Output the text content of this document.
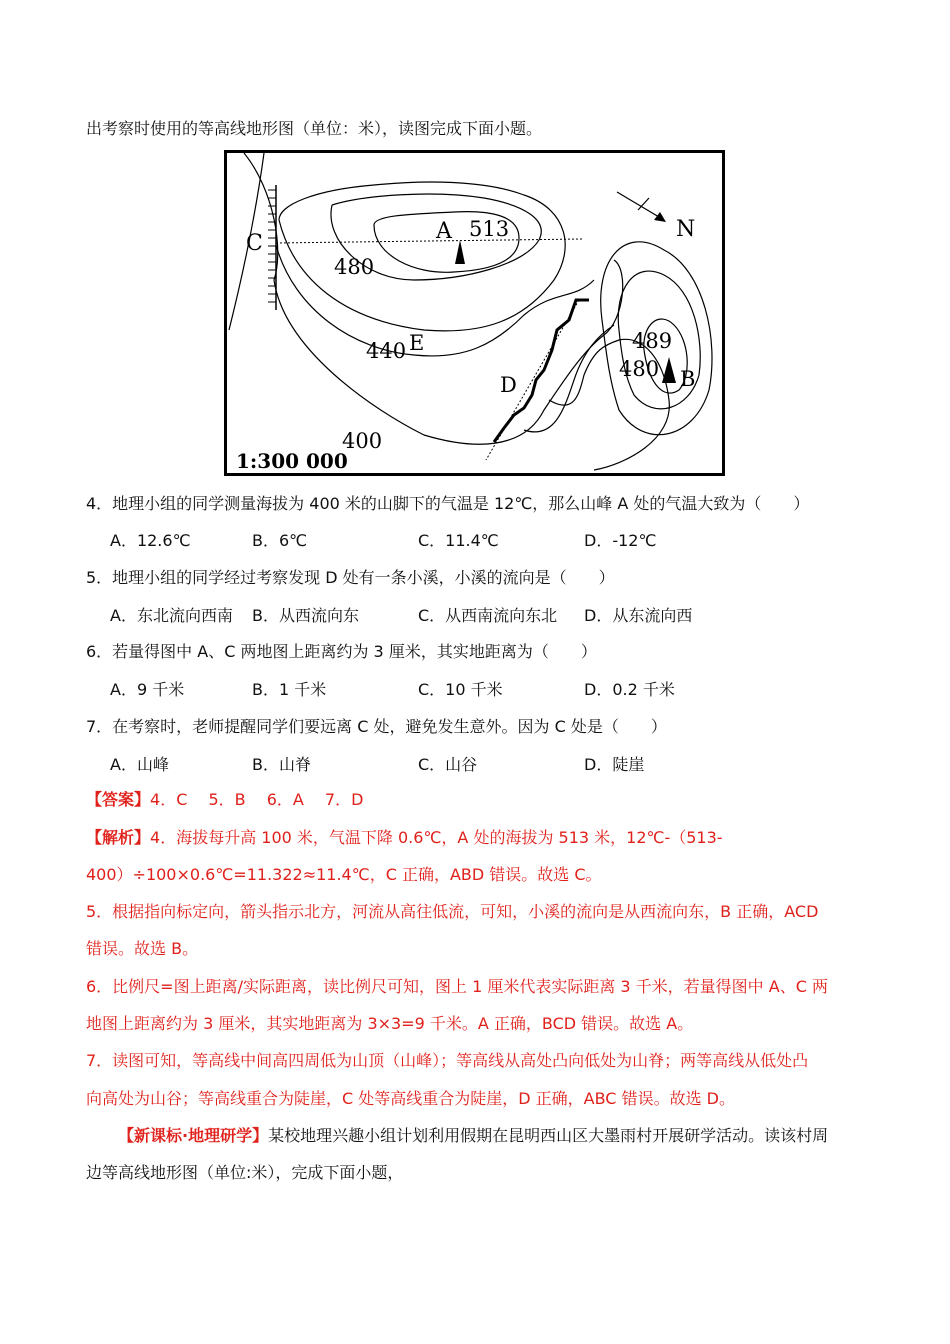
出考察时使用的等高线地形图（单位：米），读图完成下面小题。
C	A 513
480
440 E
400
D
489
480 B
N
1:300 000
4．地理小组的同学测量海拔为 400 米的山脚下的气温是 12℃，那么山峰 A 处的气温大致为（　　）
A．12.6℃	B．6℃	C．11.4℃	D．-12℃
5．地理小组的同学经过考察发现 D 处有一条小溪，小溪的流向是（　　）
A．东北流向西南 B．从西流向东	C．从西南流向东北 D．从东流向西
6．若量得图中 A、C 两地图上距离约为 3 厘米，其实地距离为（　　）
A．9 千米	B．1 千米	C．10 千米	D．0.2 千米
7．在考察时，老师提醒同学们要远离 C 处，避免发生意外。因为 C 处是（　　）
A．山峰	B．山脊	C．山谷	D．陡崖
【答案】4．C　 5．B　 6．A　 7．D
【解析】4．海拔每升高 100 米，气温下降 0.6℃，A 处的海拔为 513 米，12℃-（513-
400）÷100×0.6℃=11.322≈11.4℃，C 正确，ABD 错误。故选 C。
5．根据指向标定向，箭头指示北方，河流从高往低流，可知，小溪的流向是从西流向东，B 正确，ACD
错误。故选 B。
6．比例尺=图上距离/实际距离，读比例尺可知，图上 1 厘米代表实际距离 3 千米，若量得图中 A、C 两
地图上距离约为 3 厘米，其实地距离为 3×3=9 千米。A 正确，BCD 错误。故选 A。
7．读图可知，等高线中间高四周低为山顶（山峰）；等高线从高处凸向低处为山脊；两等高线从低处凸
向高处为山谷；等高线重合为陡崖，C 处等高线重合为陡崖，D 正确，ABC 错误。故选 D。
【新课标·地理研学】某校地理兴趣小组计划利用假期在昆明西山区大墨雨村开展研学活动。读该村周
边等高线地形图（单位:米），完成下面小题，
